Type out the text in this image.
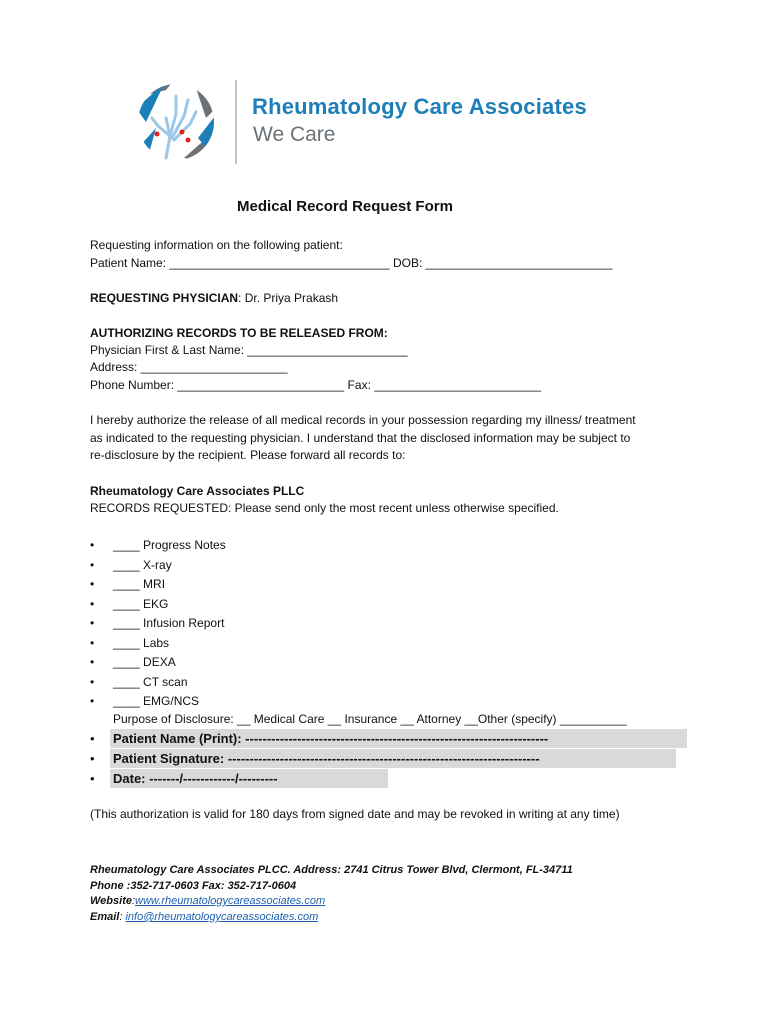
Rheumatology Care Associates
We Care
Medical Record Request Form
Requesting information on the following patient:
Patient Name: _________________________________ DOB: ____________________________
REQUESTING PHYSICIAN: Dr. Priya Prakash
AUTHORIZING RECORDS TO BE RELEASED FROM:
Physician First & Last Name: ________________________
Address: ______________________
Phone Number: _________________________ Fax: _________________________
I hereby authorize the release of all medical records in your possession regarding my illness/ treatment
as indicated to the requesting physician. I understand that the disclosed information may be subject to
re-disclosure by the recipient. Please forward all records to:
Rheumatology Care Associates PLLC
RECORDS REQUESTED: Please send only the most recent unless otherwise specified.
• ____ Progress Notes
• ____ X-ray
• ____ MRI
• ____ EKG
• ____ Infusion Report
• ____ Labs
• ____ DEXA
• ____ CT scan
• ____ EMG/NCS
Purpose of Disclosure: __ Medical Care __ Insurance __ Attorney __Other (specify) __________
• Patient Name (Print): ----------------------------------------------------------------------
• Patient Signature: ------------------------------------------------------------------------
• Date: -------/------------/---------
(This authorization is valid for 180 days from signed date and may be revoked in writing at any time)
Rheumatology Care Associates PLCC. Address: 2741 Citrus Tower Blvd, Clermont, FL-34711
Phone :352-717-0603 Fax: 352-717-0604
Website:www.rheumatologycareassociates.com
Email: info@rheumatologycareassociates.com
